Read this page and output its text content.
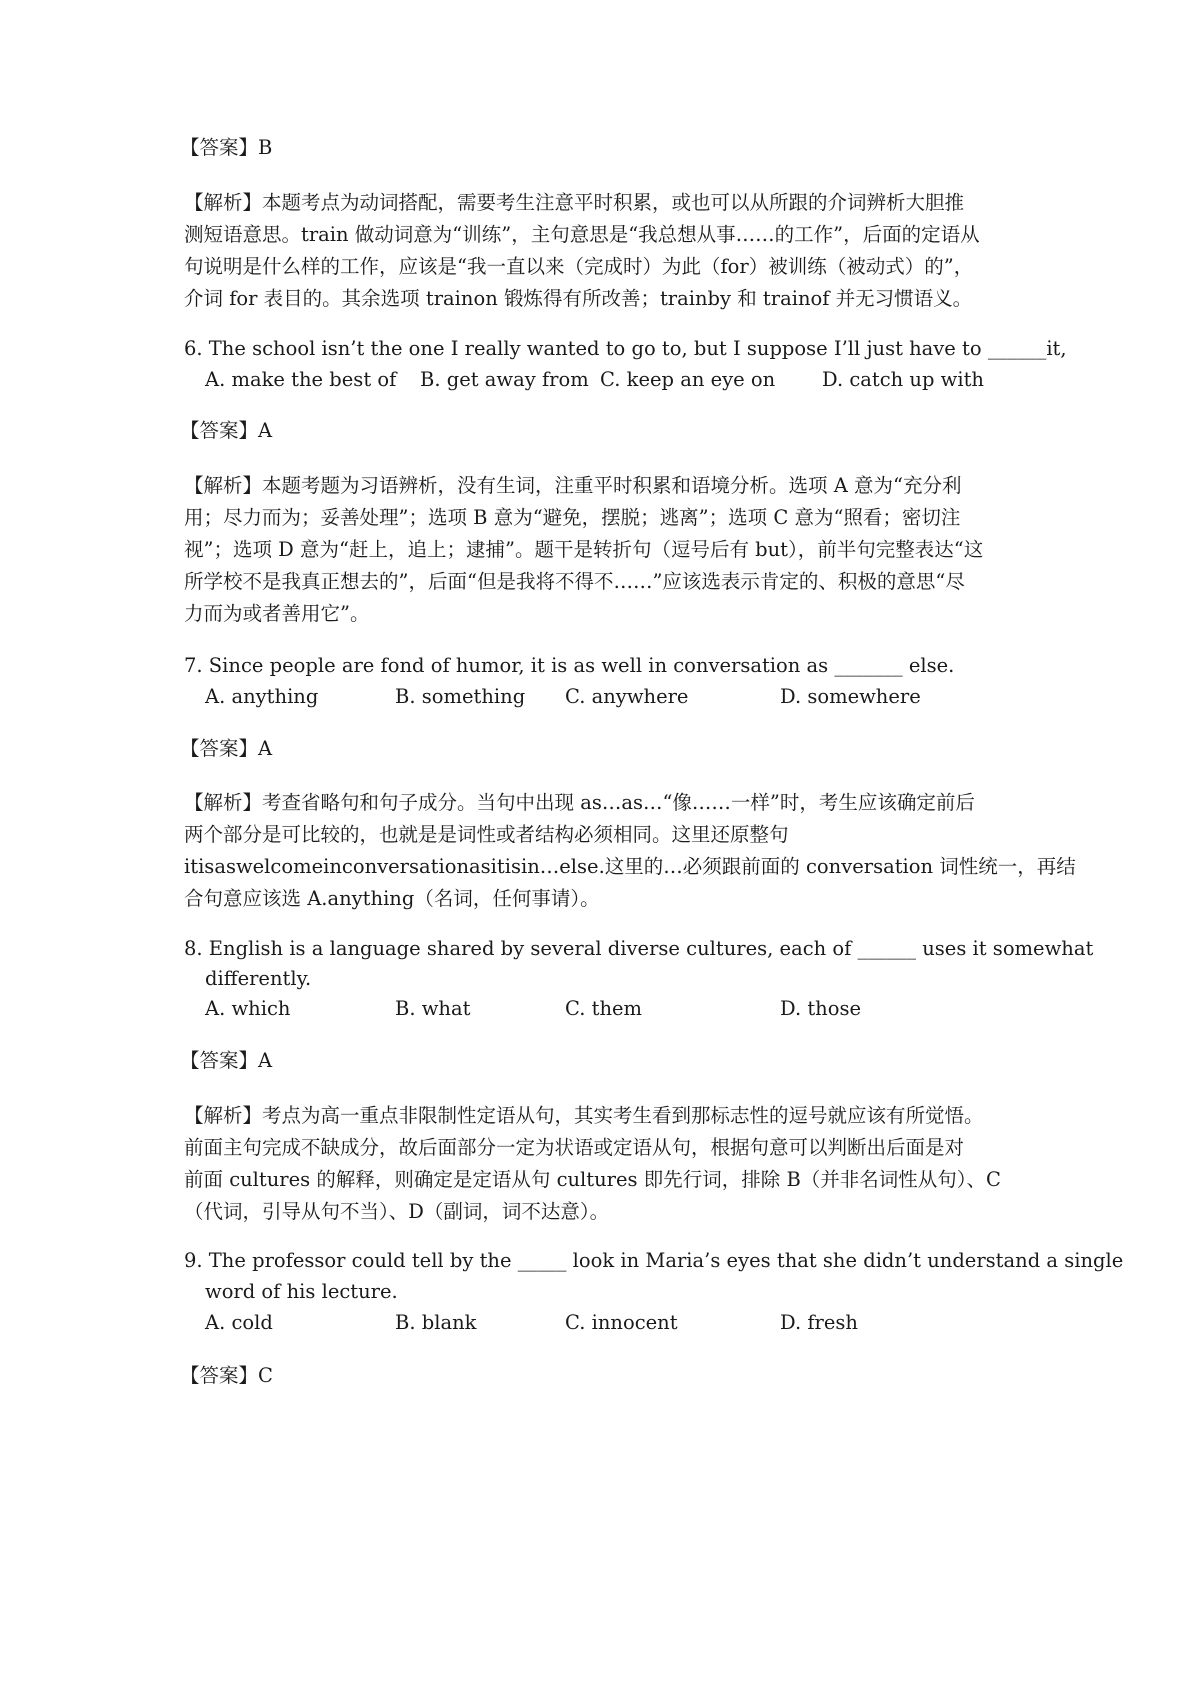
【答案】B
【解析】本题考点为动词搭配，需要考生注意平时积累，或也可以从所跟的介词辨析大胆推
测短语意思。train 做动词意为“训练”，主句意思是“我总想从事……的工作”，后面的定语从
句说明是什么样的工作，应该是“我一直以来（完成时）为此（for）被训练（被动式）的”，
介词 for 表目的。其余选项 trainon 锻炼得有所改善；trainby 和 trainof 并无习惯语义。
6. The school isn’t the one I really wanted to go to, but I suppose I’ll just have to ______it,
A. make the best of B. get away from C. keep an eye on D. catch up with
【答案】A
【解析】本题考题为习语辨析，没有生词，注重平时积累和语境分析。选项 A 意为“充分利
用；尽力而为；妥善处理”；选项 B 意为“避免，摆脱；逃离”；选项 C 意为“照看；密切注
视”；选项 D 意为“赶上，追上；逮捕”。题干是转折句（逗号后有 but），前半句完整表达“这
所学校不是我真正想去的”，后面“但是我将不得不……”应该选表示肯定的、积极的意思“尽
力而为或者善用它”。
7. Since people are fond of humor, it is as well in conversation as _______ else.
A. anything	B. something C. anywhere	D. somewhere
【答案】A
【解析】考查省略句和句子成分。当句中出现 as…as…“像……一样”时，考生应该确定前后
两个部分是可比较的，也就是是词性或者结构必须相同。这里还原整句
itisaswelcomeinconversationasitisin…else.这里的…必须跟前面的 conversation 词性统一，再结
合句意应该选 A.anything（名词，任何事请）。
8. English is a language shared by several diverse cultures, each of ______ uses it somewhat
differently.
A. which	B. what	C. them	D. those
【答案】A
【解析】考点为高一重点非限制性定语从句，其实考生看到那标志性的逗号就应该有所觉悟。
前面主句完成不缺成分，故后面部分一定为状语或定语从句，根据句意可以判断出后面是对
前面 cultures 的解释，则确定是定语从句 cultures 即先行词，排除 B（并非名词性从句）、C
（代词，引导从句不当）、D（副词，词不达意）。
9. The professor could tell by the _____ look in Maria’s eyes that she didn’t understand a single
word of his lecture.
A. cold	B. blank	C. innocent	D. fresh
【答案】C
